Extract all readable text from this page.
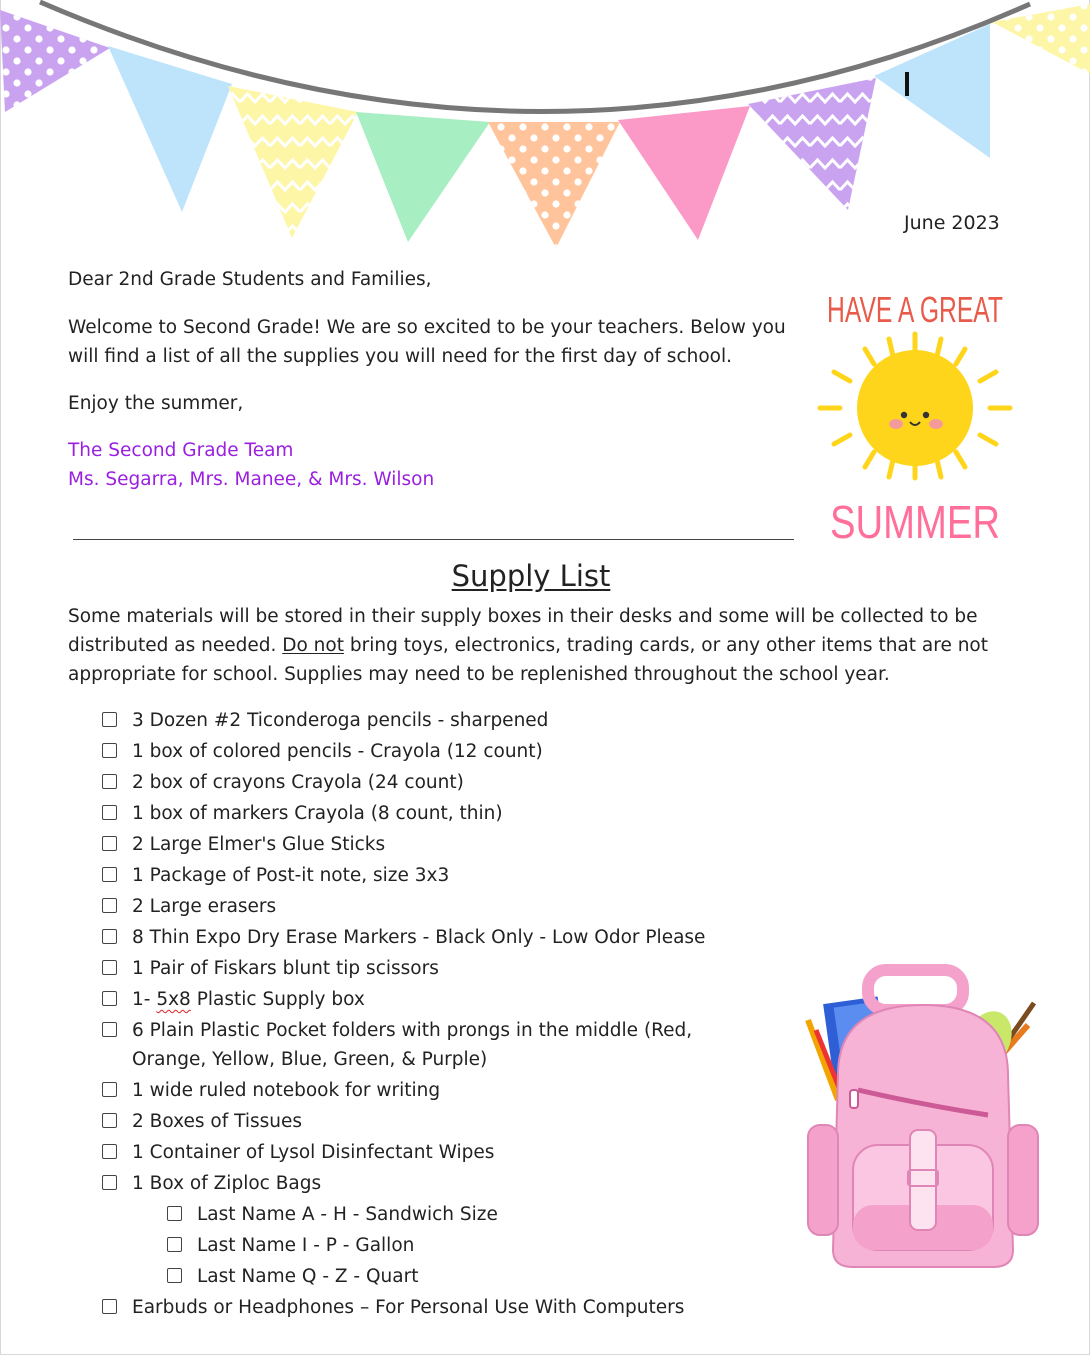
June 2023
Dear 2nd Grade Students and Families,
Welcome to Second Grade! We are so excited to be your teachers. Below you
will find a list of all the supplies you will need for the first day of school.
Enjoy the summer,
The Second Grade Team
Ms. Segarra, Mrs. Manee, & Mrs. Wilson
HAVE A GREAT
SUMMER
Supply List
Some materials will be stored in their supply boxes in their desks and some will be collected to be
distributed as needed. Do not bring toys, electronics, trading cards, or any other items that are not
appropriate for school. Supplies may need to be replenished throughout the school year.
3 Dozen #2 Ticonderoga pencils - sharpened
1 box of colored pencils - Crayola (12 count)
2 box of crayons Crayola (24 count)
1 box of markers Crayola (8 count, thin)
2 Large Elmer's Glue Sticks
1 Package of Post-it note, size 3x3
2 Large erasers
8 Thin Expo Dry Erase Markers - Black Only - Low Odor Please
1 Pair of Fiskars blunt tip scissors
1- 5x8 Plastic Supply box
6 Plain Plastic Pocket folders with prongs in the middle (Red,
Orange, Yellow, Blue, Green, & Purple)
1 wide ruled notebook for writing
2 Boxes of Tissues
1 Container of Lysol Disinfectant Wipes
1 Box of Ziploc Bags
Last Name A - H - Sandwich Size
Last Name I - P - Gallon
Last Name Q - Z - Quart
Earbuds or Headphones – For Personal Use With Computers
